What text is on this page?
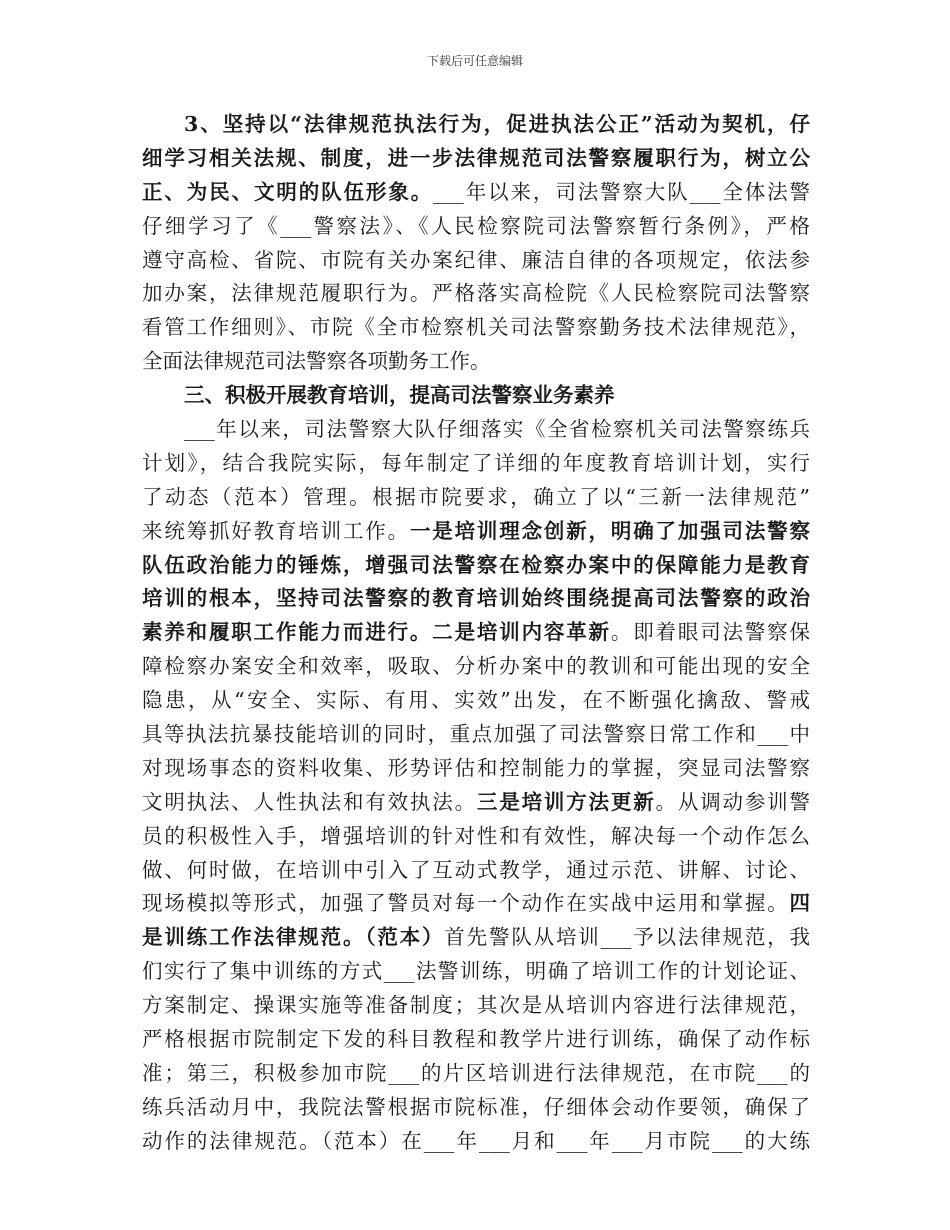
下载后可任意编辑
3、坚持以“法律规范执法行为，促进执法公正”活动为契机，仔
细学习相关法规、制度，进一步法律规范司法警察履职行为，树立公
正、为民、文明的队伍形象。___年以来，司法警察大队___全体法警
仔细学习了《___警察法》、《人民检察院司法警察暂行条例》，严格
遵守高检、省院、市院有关办案纪律、廉洁自律的各项规定，依法参
加办案，法律规范履职行为。严格落实高检院《人民检察院司法警察
看管工作细则》、市院《全市检察机关司法警察勤务技术法律规范》，
全面法律规范司法警察各项勤务工作。
三、积极开展教育培训，提高司法警察业务素养
___年以来，司法警察大队仔细落实《全省检察机关司法警察练兵
计划》，结合我院实际，每年制定了详细的年度教育培训计划，实行
了动态（范本）管理。根据市院要求，确立了以“三新一法律规范”
来统筹抓好教育培训工作。一是培训理念创新，明确了加强司法警察
队伍政治能力的锤炼，增强司法警察在检察办案中的保障能力是教育
培训的根本，坚持司法警察的教育培训始终围绕提高司法警察的政治
素养和履职工作能力而进行。二是培训内容革新。即着眼司法警察保
障检察办案安全和效率，吸取、分析办案中的教训和可能出现的安全
隐患，从“安全、实际、有用、实效”出发，在不断强化擒敌、警戒
具等执法抗暴技能培训的同时，重点加强了司法警察日常工作和___中
对现场事态的资料收集、形势评估和控制能力的掌握，突显司法警察
文明执法、人性执法和有效执法。三是培训方法更新。从调动参训警
员的积极性入手，增强培训的针对性和有效性，解决每一个动作怎么
做、何时做，在培训中引入了互动式教学，通过示范、讲解、讨论、
现场模拟等形式，加强了警员对每一个动作在实战中运用和掌握。四
是训练工作法律规范。（范本）首先警队从培训___予以法律规范，我
们实行了集中训练的方式___法警训练，明确了培训工作的计划论证、
方案制定、操课实施等准备制度；其次是从培训内容进行法律规范，
严格根据市院制定下发的科目教程和教学片进行训练，确保了动作标
准；第三，积极参加市院___的片区培训进行法律规范，在市院___的
练兵活动月中，我院法警根据市院标准，仔细体会动作要领，确保了
动作的法律规范。（范本）在___年___月和___年___月市院___的大练
